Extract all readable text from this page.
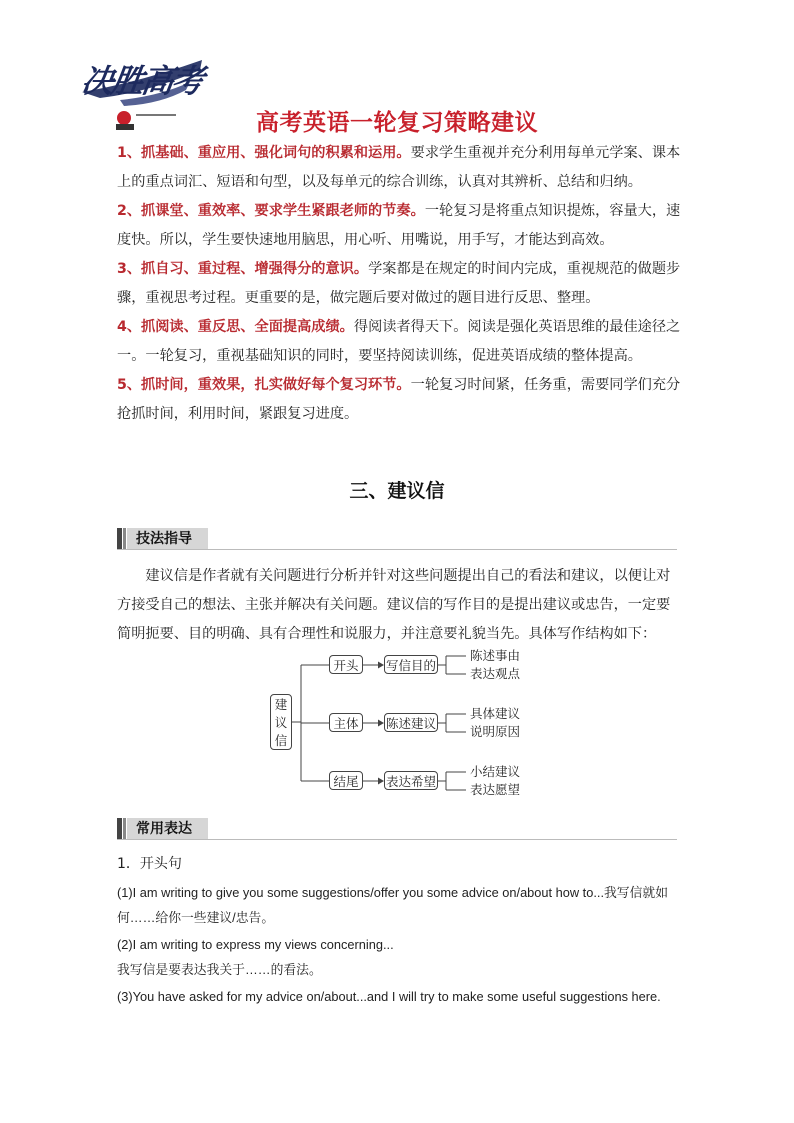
决胜高考
高考英语一轮复习策略建议
1、抓基础、重应用、强化词句的积累和运用。要求学生重视并充分利用每单元学案、课本上的重点词汇、短语和句型，以及每单元的综合训练，认真对其辨析、总结和归纳。
2、抓课堂、重效率、要求学生紧跟老师的节奏。一轮复习是将重点知识提炼，容量大，速度快。所以，学生要快速地用脑思，用心听、用嘴说，用手写，才能达到高效。
3、抓自习、重过程、增强得分的意识。学案都是在规定的时间内完成，重视规范的做题步骤，重视思考过程。更重要的是，做完题后要对做过的题目进行反思、整理。
4、抓阅读、重反思、全面提高成绩。得阅读者得天下。阅读是强化英语思维的最佳途径之一。一轮复习，重视基础知识的同时，要坚持阅读训练，促进英语成绩的整体提高。
5、抓时间，重效果，扎实做好每个复习环节。一轮复习时间紧，任务重，需要同学们充分抢抓时间，利用时间，紧跟复习进度。
三、建议信
技法指导
建议信是作者就有关问题进行分析并针对这些问题提出自己的看法和建议，以便让对方接受自己的想法、主张并解决有关问题。建议信的写作目的是提出建议或忠告，一定要简明扼要、目的明确、具有合理性和说服力，并注意要礼貌当先。具体写作结构如下：
建议信
开头	写信目的
陈述事由
表达观点
主体	陈述建议
具体建议
说明原因
结尾	表达希望
小结建议
表达愿望
常用表达
1．开头句
(1)I am writing to give you some suggestions/offer you some advice on/about how to...我写信就如
何……给你一些建议/忠告。
(2)I am writing to express my views concerning...
我写信是要表达我关于……的看法。
(3)You have asked for my advice on/about...and I will try to make some useful suggestions here.
